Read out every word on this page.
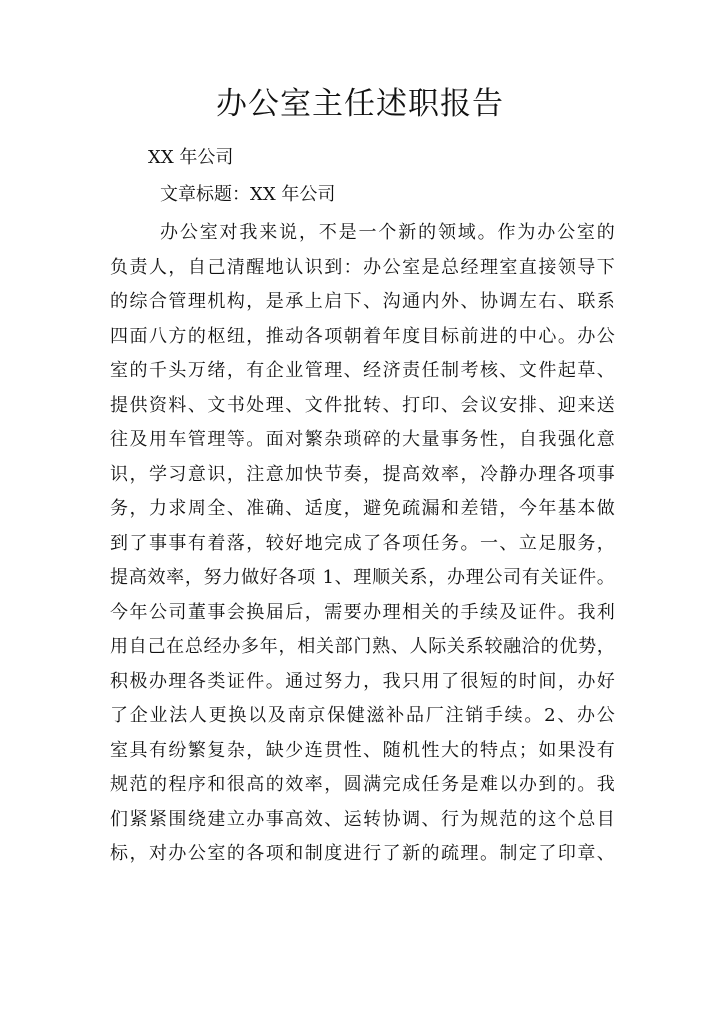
办公室主任述职报告
XX 年公司
文章标题：XX 年公司
办公室对我来说，不是一个新的领域。作为办公室的
负责人，自己清醒地认识到：办公室是总经理室直接领导下
的综合管理机构，是承上启下、沟通内外、协调左右、联系
四面八方的枢纽，推动各项朝着年度目标前进的中心。办公
室的千头万绪，有企业管理、经济责任制考核、文件起草、
提供资料、文书处理、文件批转、打印、会议安排、迎来送
往及用车管理等。面对繁杂琐碎的大量事务性，自我强化意
识，学习意识，注意加快节奏，提高效率，冷静办理各项事
务，力求周全、准确、适度，避免疏漏和差错，今年基本做
到了事事有着落，较好地完成了各项任务。一、立足服务，
提高效率，努力做好各项 1、理顺关系，办理公司有关证件。
今年公司董事会换届后，需要办理相关的手续及证件。我利
用自己在总经办多年，相关部门熟、人际关系较融洽的优势，
积极办理各类证件。通过努力，我只用了很短的时间，办好
了企业法人更换以及南京保健滋补品厂注销手续。2、办公
室具有纷繁复杂，缺少连贯性、随机性大的特点；如果没有
规范的程序和很高的效率，圆满完成任务是难以办到的。我
们紧紧围绕建立办事高效、运转协调、行为规范的这个总目
标，对办公室的各项和制度进行了新的疏理。制定了印章、
